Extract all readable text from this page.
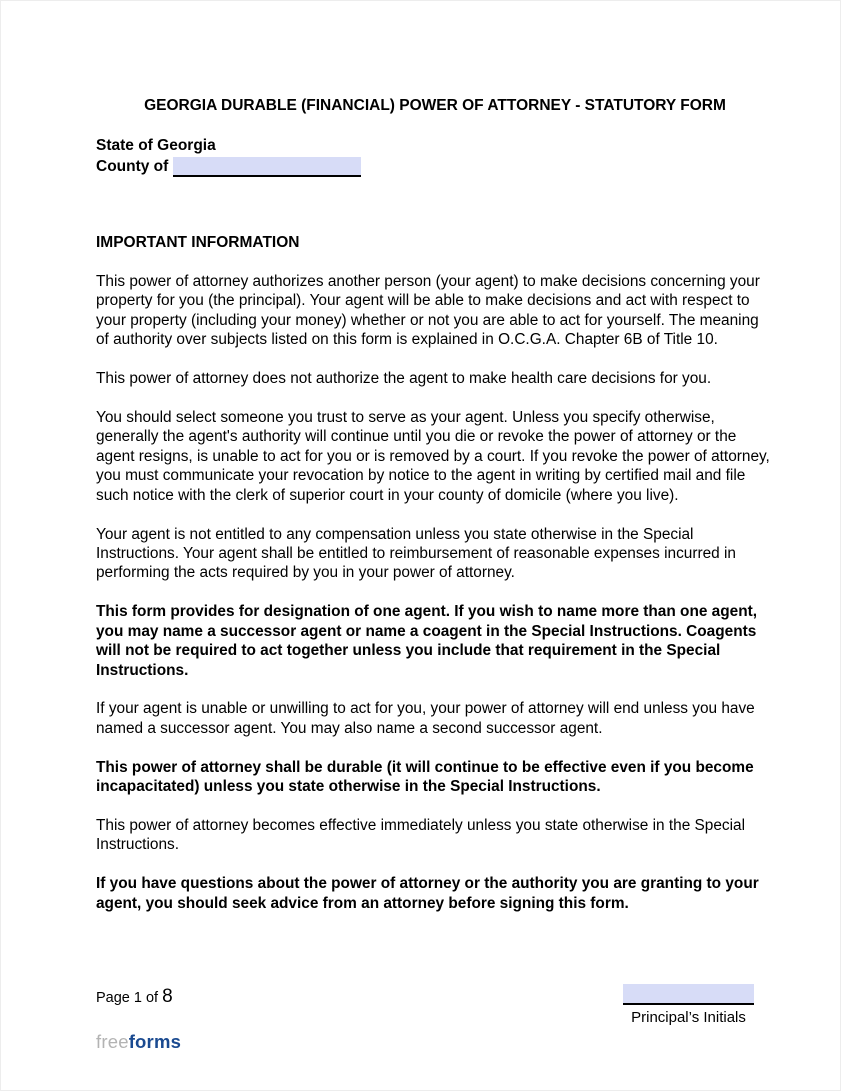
GEORGIA DURABLE (FINANCIAL) POWER OF ATTORNEY - STATUTORY FORM
State of Georgia
County of
IMPORTANT INFORMATION

This power of attorney authorizes another person (your agent) to make decisions concerning your property for you (the principal). Your agent will be able to make decisions and act with respect to your property (including your money) whether or not you are able to act for yourself. The meaning of authority over subjects listed on this form is explained in O.C.G.A. Chapter 6B of Title 10.

This power of attorney does not authorize the agent to make health care decisions for you.

You should select someone you trust to serve as your agent. Unless you specify otherwise, generally the agent's authority will continue until you die or revoke the power of attorney or the agent resigns, is unable to act for you or is removed by a court. If you revoke the power of attorney, you must communicate your revocation by notice to the agent in writing by certified mail and file such notice with the clerk of superior court in your county of domicile (where you live).

Your agent is not entitled to any compensation unless you state otherwise in the Special Instructions. Your agent shall be entitled to reimbursement of reasonable expenses incurred in performing the acts required by you in your power of attorney.

This form provides for designation of one agent. If you wish to name more than one agent, you may name a successor agent or name a coagent in the Special Instructions. Coagents will not be required to act together unless you include that requirement in the Special Instructions.

If your agent is unable or unwilling to act for you, your power of attorney will end unless you have named a successor agent. You may also name a second successor agent.

This power of attorney shall be durable (it will continue to be effective even if you become incapacitated) unless you state otherwise in the Special Instructions.

This power of attorney becomes effective immediately unless you state otherwise in the Special Instructions.

If you have questions about the power of attorney or the authority you are granting to your agent, you should seek advice from an attorney before signing this form.

Page 1 of 8
Principal’s Initials
freeforms
